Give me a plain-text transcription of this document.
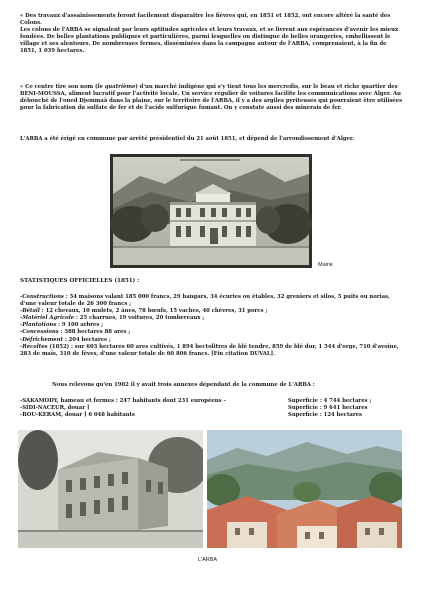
« Des travaux d'assainissements feront facilement disparaître les fièvres qui, en 1851 et 1852, ont encore altéré la santé des Colons.

Les colons de l'ARBA se signalent par leurs aptitudes agricoles et leurs travaux, et se livrent aux espérances d'avenir les mieux fondées. De belles plantations publiques et particulières, parmi lesquelles on distingue de belles orangeries, embellissent le village et ses alentours. De nombreuses fermes, disséminées dans la campagne autour de l'ARBA, comprenaient, à la fin de 1851, 1 039 hectares.

« Ce centre tire son nom (le quatrième) d'un marché indigène qui s'y tient tous les mercredis, sur le beau et riche quartier des BENI-MOUSSA, aliment lucratif pour l'activité locale. Un service régulier de voitures facilite les communications avec Alger. Au débouché de l'oued Djemmaâ dans la plaine, sur le territoire de l'ARBA, il y a des argiles pyriteuses qui pourraient être utilisées pour la fabrication du sulfate de fer et de l'acide sulfurique fumant. On y constate aussi des minerais de fer.
L'ARBA a été érigé en commune par arrêté présidentiel du 21 août 1851, et dépend de l'arrondissement d'Alger.
Mairie
STATISTIQUES OFFICIELLES (1851) :

-Constructions : 54 maisons valant 185 000 francs, 29 hangars, 34 écuries ou étables, 32 greniers et silos, 5 puits ou norias, d'une valeur totale de 26 300 francs ;

-Bétail : 12 chevaux, 10 mulets, 2 ânes, 78 bœufs, 15 vaches, 40 chèvres, 31 porcs ;

-Matériel Agricole : 25 charrues, 19 voitures, 20 tombereaux ;

-Plantations : 9 100 arbres ;

-Concessions : 388 hectares 88 ares ;

-Défrichement : 204 hectares ;

-Récoltes (1852) : sur 603 hectares 60 ares cultivés, 1 894 hectolitres de blé tendre, 859 de blé dur, 1 544 d'orge, 710 d'avoine, 283 de maïs, 310 de fèves, d'une valeur totale de 60 806 francs. [Fin citation DUVAL].

Nous relevons qu'en 1902 il y avait trois annexes dépendant de la commune de L'ARBA :
-SAKAMODY, hameau et fermes : 247 habitants dont 231 européens –	Superficie : 4 744 hectares ;
-SIDI-NACEUR, douar ]	Superficie : 9 641 hectares
-BOU-KERAM, douar ] 6 048 habitants	Superficie : 124 hectares
L'ARBA
